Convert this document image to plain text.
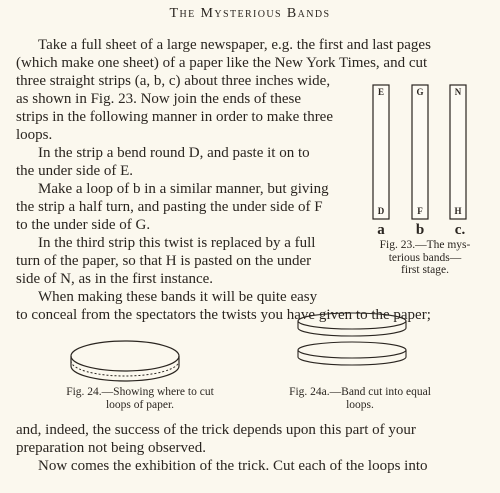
The Mysterious Bands
Take a full sheet of a large newspaper, e.g. the first and last pages
(which make one sheet) of a paper like the New York Times, and cut
three straight strips (a, b, c) about three inches wide,
as shown in Fig. 23. Now join the ends of these
strips in the following manner in order to make three
loops.
In the strip a bend round D, and paste it on to
the under side of E.
Make a loop of b in a similar manner, but giving
the strip a half turn, and pasting the under side of F
to the under side of G.
In the third strip this twist is replaced by a full
turn of the paper, so that H is pasted on the under
side of N, as in the first instance.
When making these bands it will be quite easy
to conceal from the spectators the twists you have given to the paper;
E	G	N
D	F	H
a b c.
Fig. 23.—The mys-
terious bands—
first stage.
Fig. 24.—Showing where to cut
loops of paper.
Fig. 24a.—Band cut into equal
loops.
and, indeed, the success of the trick depends upon this part of your
preparation not being observed.
Now comes the exhibition of the trick. Cut each of the loops into
